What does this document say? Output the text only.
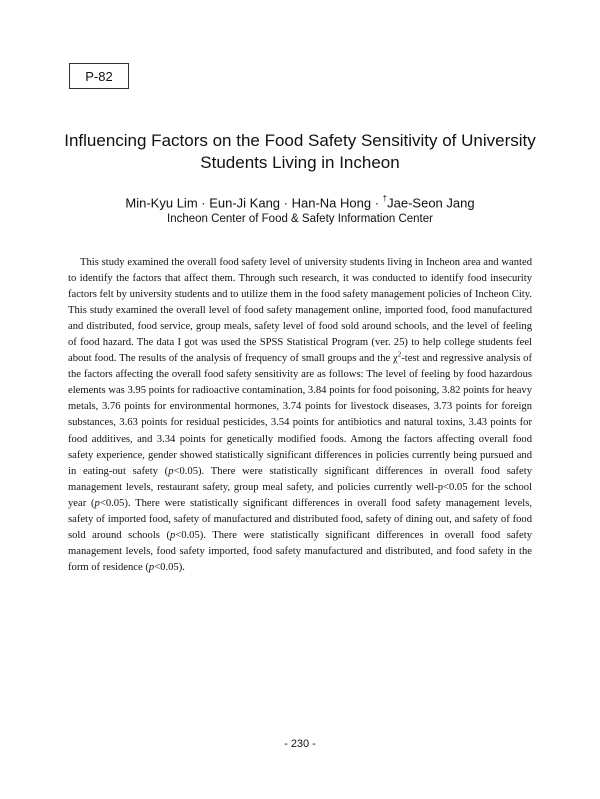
P-82
Influencing Factors on the Food Safety Sensitivity of University Students Living in Incheon
Min-Kyu Lim · Eun-Ji Kang · Han-Na Hong · †Jae-Seon Jang
Incheon Center of Food & Safety Information Center

This study examined the overall food safety level of university students living in Incheon area and wanted to identify the factors that affect them. Through such research, it was conducted to identify food insecurity factors felt by university students and to utilize them in the food safety management policies of Incheon City. This study examined the overall level of food safety management online, imported food, food manufactured and distributed, food service, group meals, safety level of food sold around schools, and the level of feeling of food hazard. The data I got was used the SPSS Statistical Program (ver. 25) to help college students feel about food. The results of the analysis of frequency of small groups and the $\chi^2$-test and regressive analysis of the factors affecting the overall food safety sensitivity are as follows: The level of feeling by food hazardous elements was 3.95 points for radioactive contamination, 3.84 points for food poisoning, 3.82 points for heavy metals, 3.76 points for environmental hormones, 3.74 points for livestock diseases, 3.73 points for foreign substances, 3.63 points for residual pesticides, 3.54 points for antibiotics and natural toxins, 3.43 points for food additives, and 3.34 points for genetically modified foods. Among the factors affecting overall food safety experience, gender showed statistically significant differences in policies currently being pursued and in eating-out safety (p<0.05). There were statistically significant differences in overall food safety management levels, restaurant safety, group meal safety, and policies currently well-p<0.05 for the school year (p<0.05). There were statistically significant differences in overall food safety management levels, safety of imported food, safety of manufactured and distributed food, safety of dining out, and safety of food sold around schools (p<0.05). There were statistically significant differences in overall food safety management levels, food safety imported, food safety manufactured and distributed, and food safety in the form of residence (p<0.05).

- 230 -
